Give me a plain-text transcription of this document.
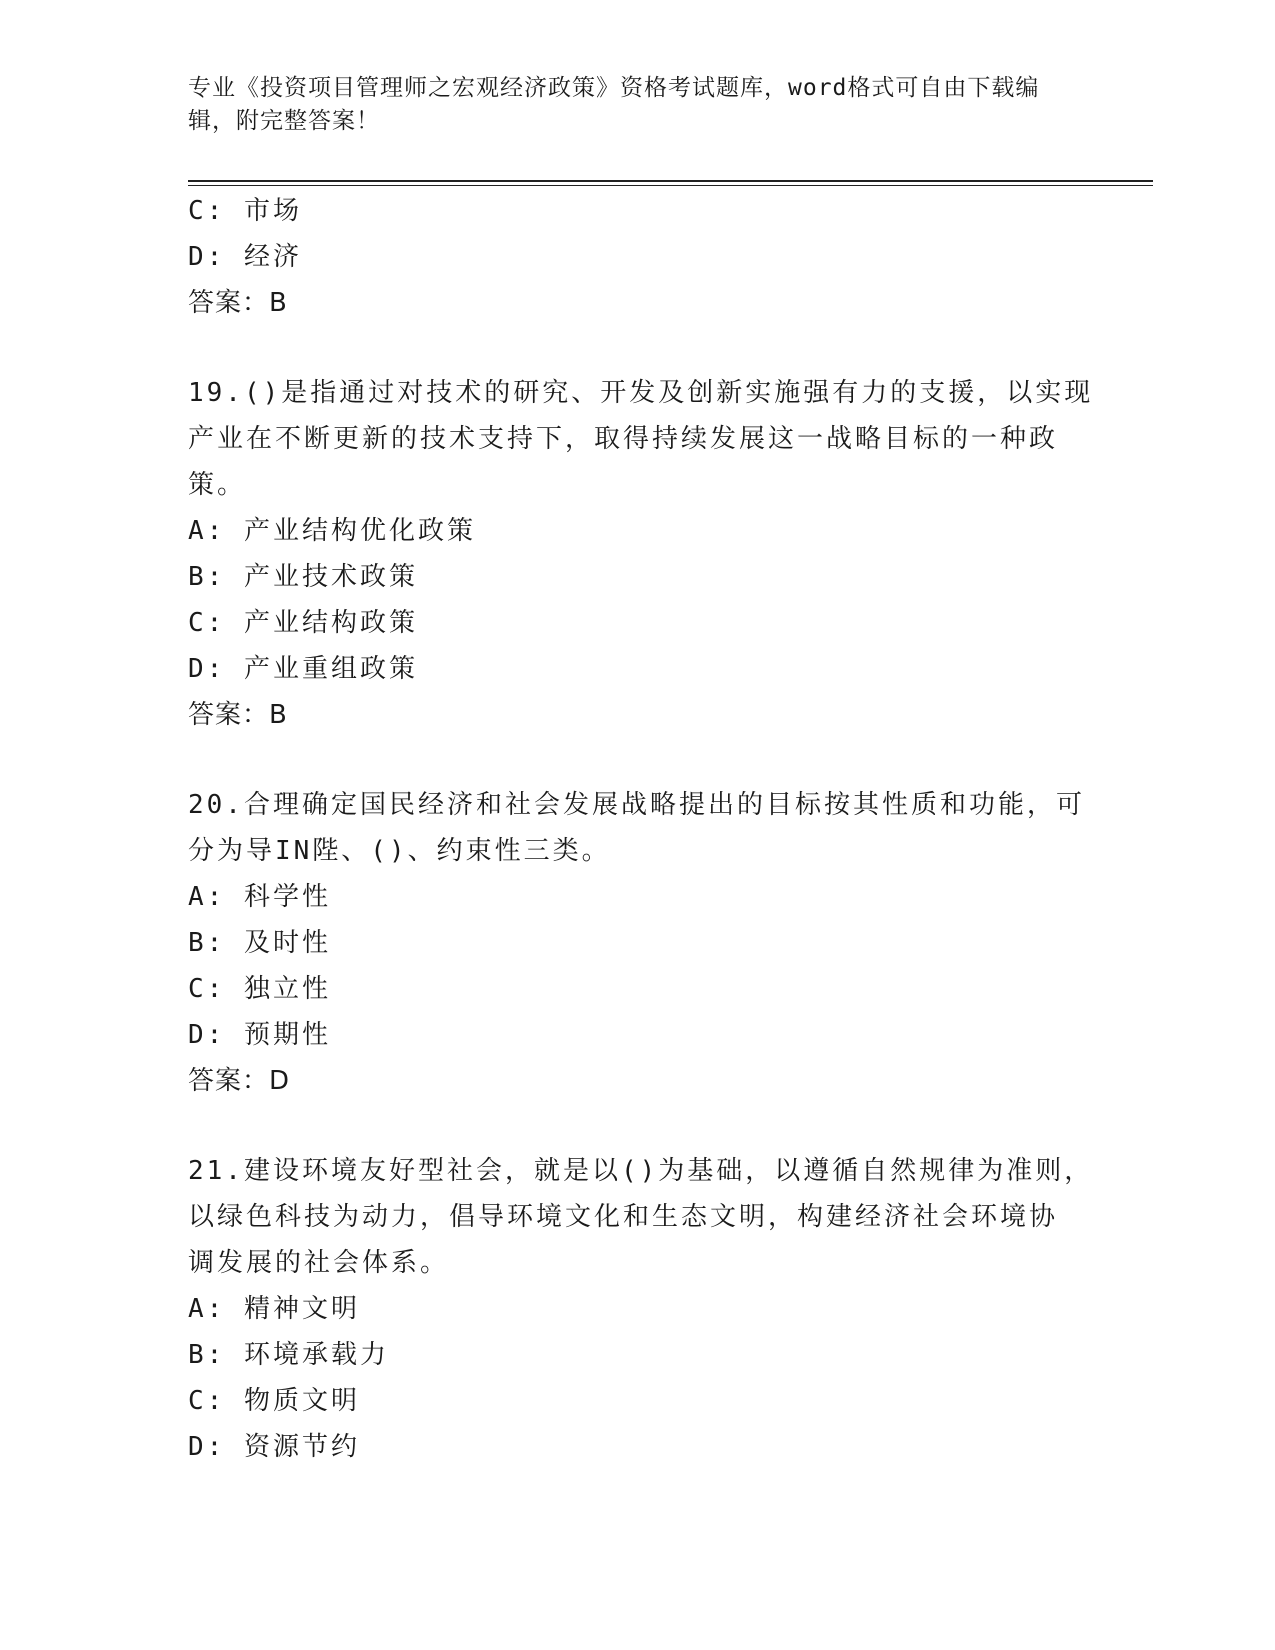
专业《投资项目管理师之宏观经济政策》资格考试题库，word格式可自由下载编
辑，附完整答案！
C: 市场
D: 经济
答案：B
19.()是指通过对技术的研究、开发及创新实施强有力的支援，以实现
产业在不断更新的技术支持下，取得持续发展这一战略目标的一种政
策。
A: 产业结构优化政策
B: 产业技术政策
C: 产业结构政策
D: 产业重组政策
答案：B
20.合理确定国民经济和社会发展战略提出的目标按其性质和功能，可
分为导IN陛、()、约束性三类。
A: 科学性
B: 及时性
C: 独立性
D: 预期性
答案：D
21.建设环境友好型社会，就是以()为基础，以遵循自然规律为准则，
以绿色科技为动力，倡导环境文化和生态文明，构建经济社会环境协
调发展的社会体系。
A: 精神文明
B: 环境承载力
C: 物质文明
D: 资源节约
